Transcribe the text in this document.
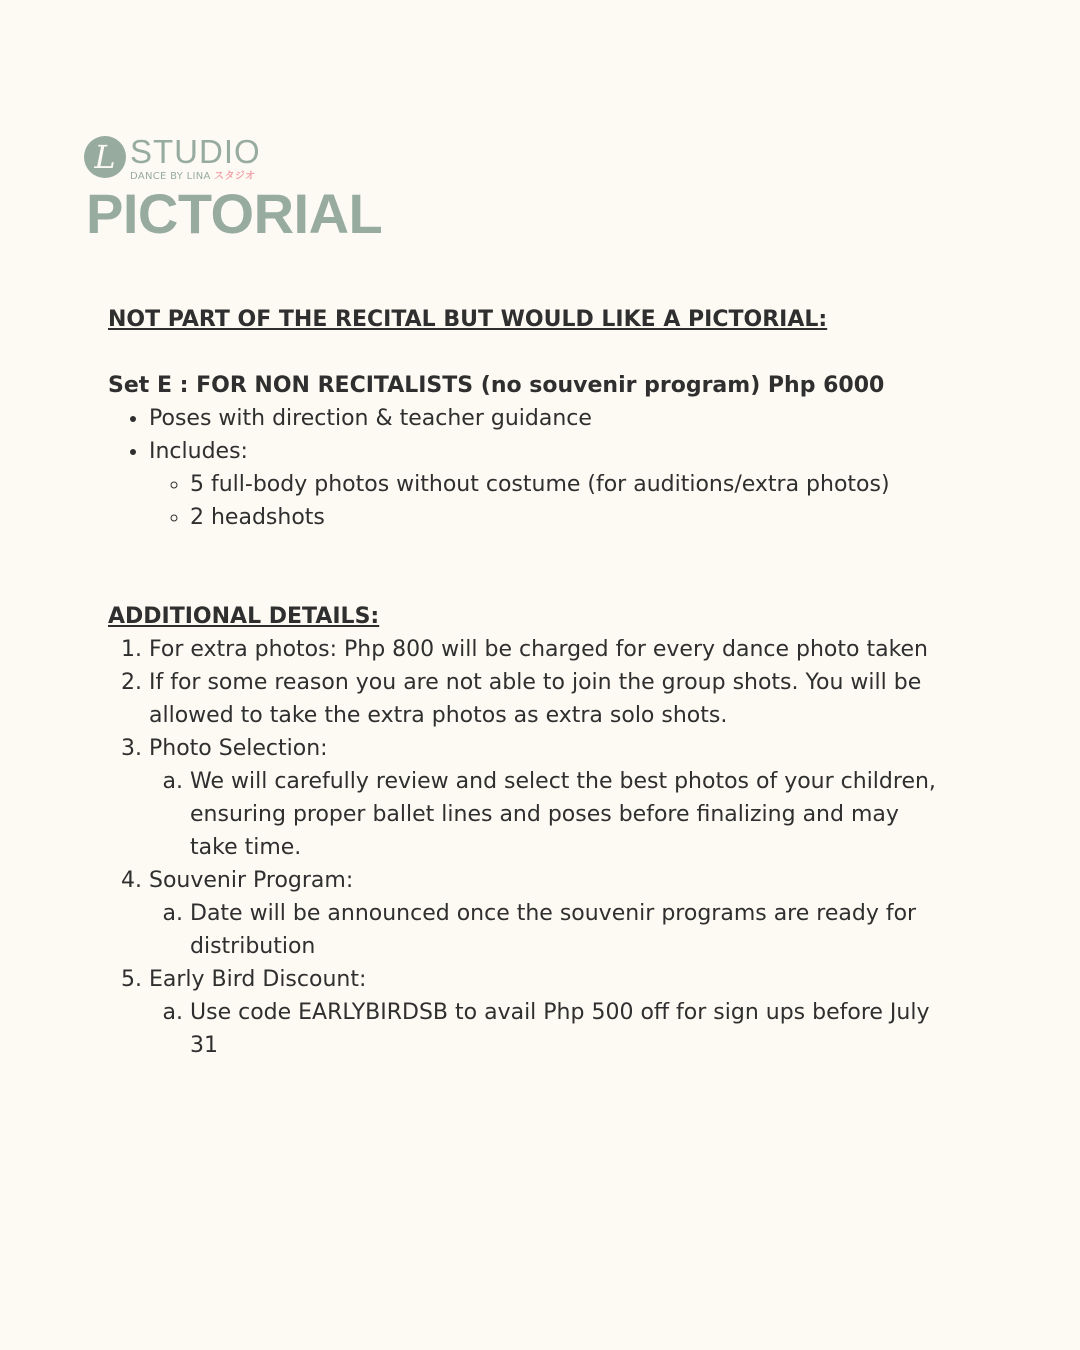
L STUDIO
DANCE BY LINA スタジオ
PICTORIAL

NOT PART OF THE RECITAL BUT WOULD LIKE A PICTORIAL:

Set E : FOR NON RECITALISTS (no souvenir program) Php 6000

• Poses with direction & teacher guidance
• Includes:
◦ 5 full-body photos without costume (for auditions/extra photos)
◦ 2 headshots

ADDITIONAL DETAILS:

1. For extra photos: Php 800 will be charged for every dance photo taken
2. If for some reason you are not able to join the group shots. You will be allowed to take the extra photos as extra solo shots.
3. Photo Selection:
a. We will carefully review and select the best photos of your children, ensuring proper ballet lines and poses before finalizing and may take time.
4. Souvenir Program:
a. Date will be announced once the souvenir programs are ready for distribution
5. Early Bird Discount:
a. Use code EARLYBIRDSB to avail Php 500 off for sign ups before July 31
